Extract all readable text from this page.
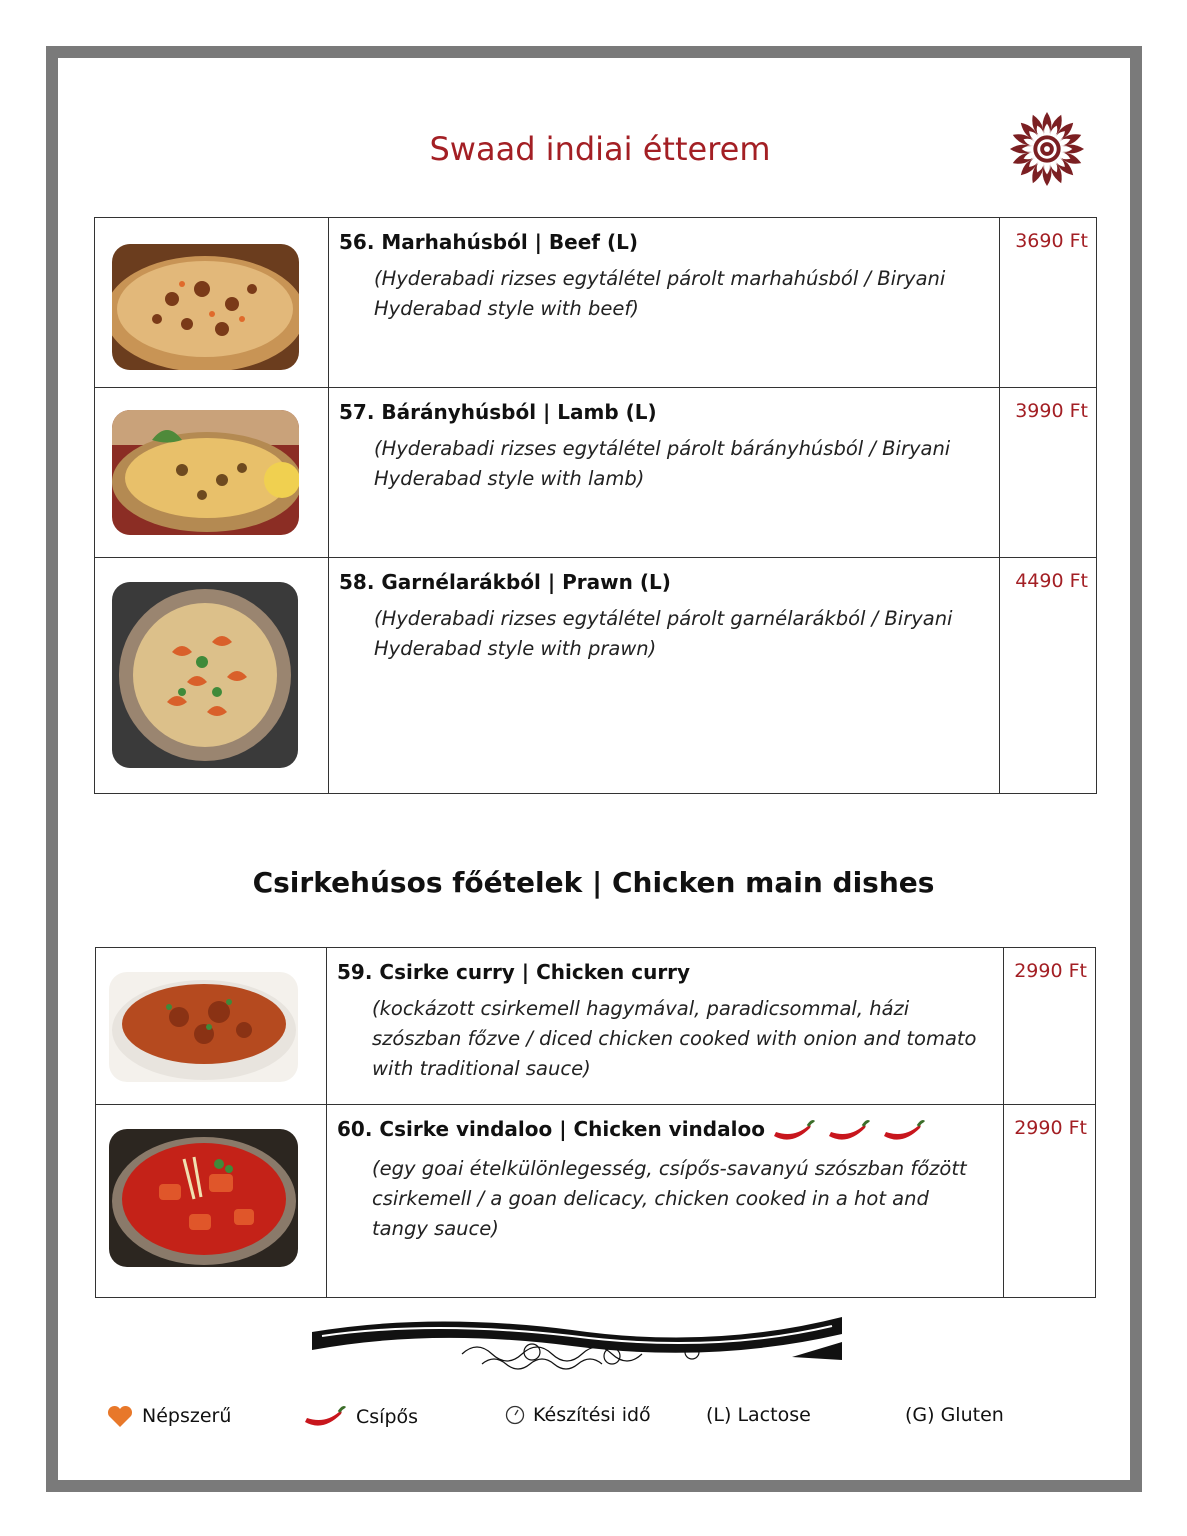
Swaad indiai étterem

56. Marhahúsból | Beef (L)
(Hyderabadi rizses egytálétel párolt marhahúsból / Biryani Hyderabad style with beef)	3690 Ft

57. Bárányhúsból | Lamb (L)
(Hyderabadi rizses egytálétel párolt bárányhúsból / Biryani Hyderabad style with lamb)	3990 Ft

58. Garnélarákból | Prawn (L)
(Hyderabadi rizses egytálétel párolt garnélarákból / Biryani Hyderabad style with prawn)	4490 Ft
Csirkehúsos főételek | Chicken main dishes

59. Csirke curry | Chicken curry
(kockázott csirkemell hagymával, paradicsommal, házi szószban főzve / diced chicken cooked with onion and tomato with traditional sauce)	2990 Ft

60. Csirke vindaloo | Chicken vindaloo
(egy goai ételkülönlegesség, csípős-savanyú szószban főzött csirkemell / a goan delicacy, chicken cooked in a hot and tangy sauce)	2990 Ft
Népszerű	Csípős	Készítési idő	(L) Lactose	(G) Gluten
